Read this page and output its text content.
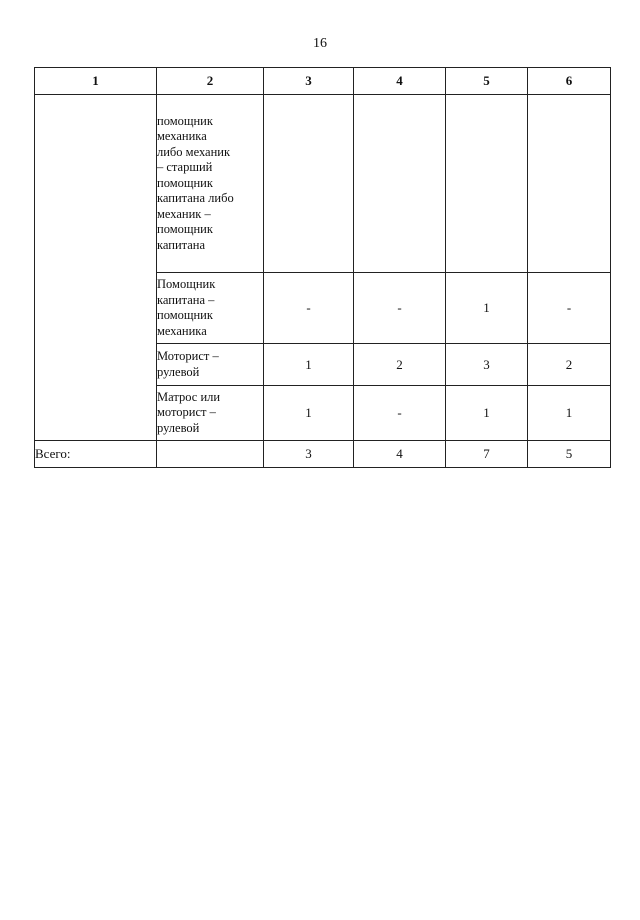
16
1	2	3	4	5	6

	помощник механика либо механик – старший помощник капитана либо механик – помощник капитана				

	Помощник капитана – помощник механика	-	-	1	-

	Моторист – рулевой	1	2	3	2

	Матрос или моторист – рулевой	1	-	1	1
Всего:		3	4	7	5
